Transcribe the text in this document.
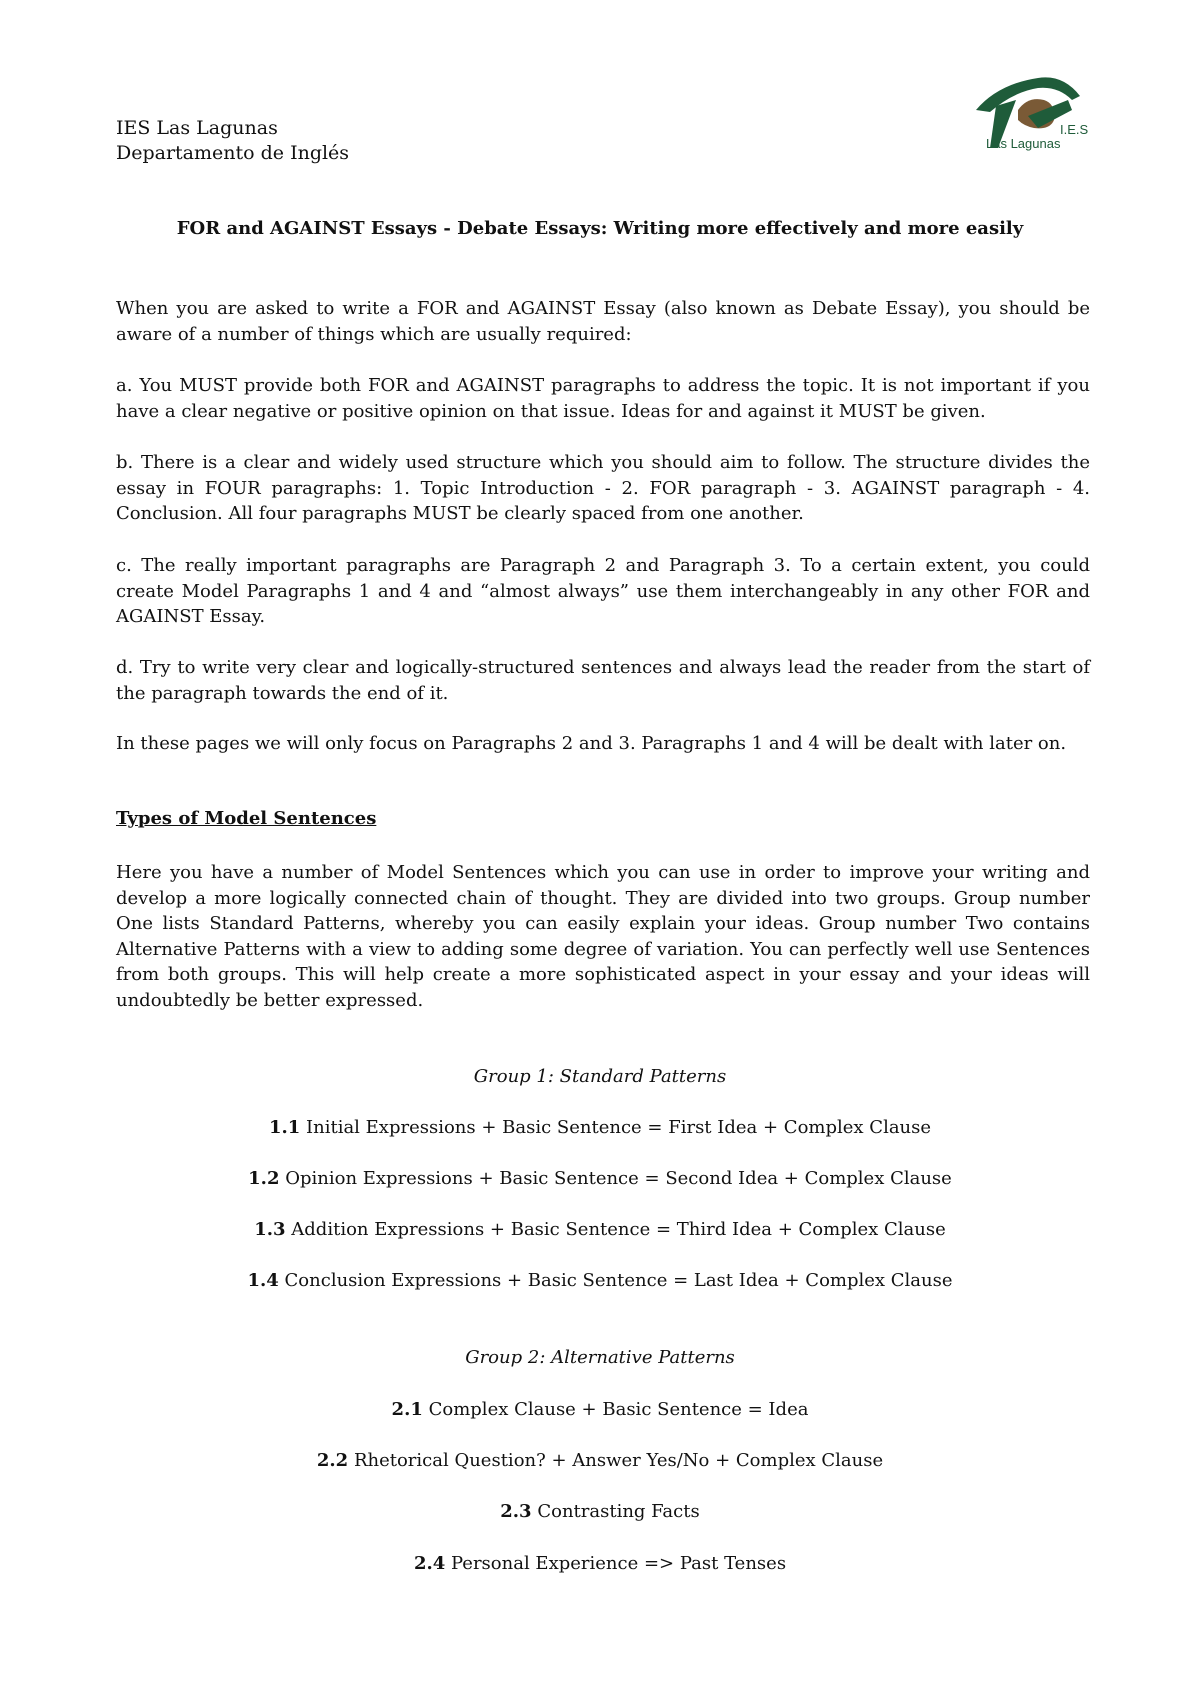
IES Las Lagunas
Departamento de Inglés
I.E.S
Las Lagunas
FOR and AGAINST Essays - Debate Essays: Writing more effectively and more easily
When you are asked to write a FOR and AGAINST Essay (also known as Debate Essay), you should be aware of a number of things which are usually required:
a. You MUST provide both FOR and AGAINST paragraphs to address the topic. It is not important if you have a clear negative or positive opinion on that issue. Ideas for and against it MUST be given.
b. There is a clear and widely used structure which you should aim to follow. The structure divides the essay in FOUR paragraphs: 1. Topic Introduction - 2. FOR paragraph - 3. AGAINST paragraph - 4. Conclusion. All four paragraphs MUST be clearly spaced from one another.
c. The really important paragraphs are Paragraph 2 and Paragraph 3. To a certain extent, you could create Model Paragraphs 1 and 4 and “almost always” use them interchangeably in any other FOR and AGAINST Essay.
d. Try to write very clear and logically-structured sentences and always lead the reader from the start of the paragraph towards the end of it.
In these pages we will only focus on Paragraphs 2 and 3. Paragraphs 1 and 4 will be dealt with later on.
Types of Model Sentences
Here you have a number of Model Sentences which you can use in order to improve your writing and develop a more logically connected chain of thought. They are divided into two groups. Group number One lists Standard Patterns, whereby you can easily explain your ideas. Group number Two contains Alternative Patterns with a view to adding some degree of variation. You can perfectly well use Sentences from both groups. This will help create a more sophisticated aspect in your essay and your ideas will undoubtedly be better expressed.
Group 1: Standard Patterns
1.1 Initial Expressions + Basic Sentence = First Idea + Complex Clause
1.2 Opinion Expressions + Basic Sentence = Second Idea + Complex Clause
1.3 Addition Expressions + Basic Sentence = Third Idea + Complex Clause
1.4 Conclusion Expressions + Basic Sentence = Last Idea + Complex Clause
Group 2: Alternative Patterns
2.1 Complex Clause + Basic Sentence = Idea
2.2 Rhetorical Question? + Answer Yes/No + Complex Clause
2.3 Contrasting Facts
2.4 Personal Experience => Past Tenses
